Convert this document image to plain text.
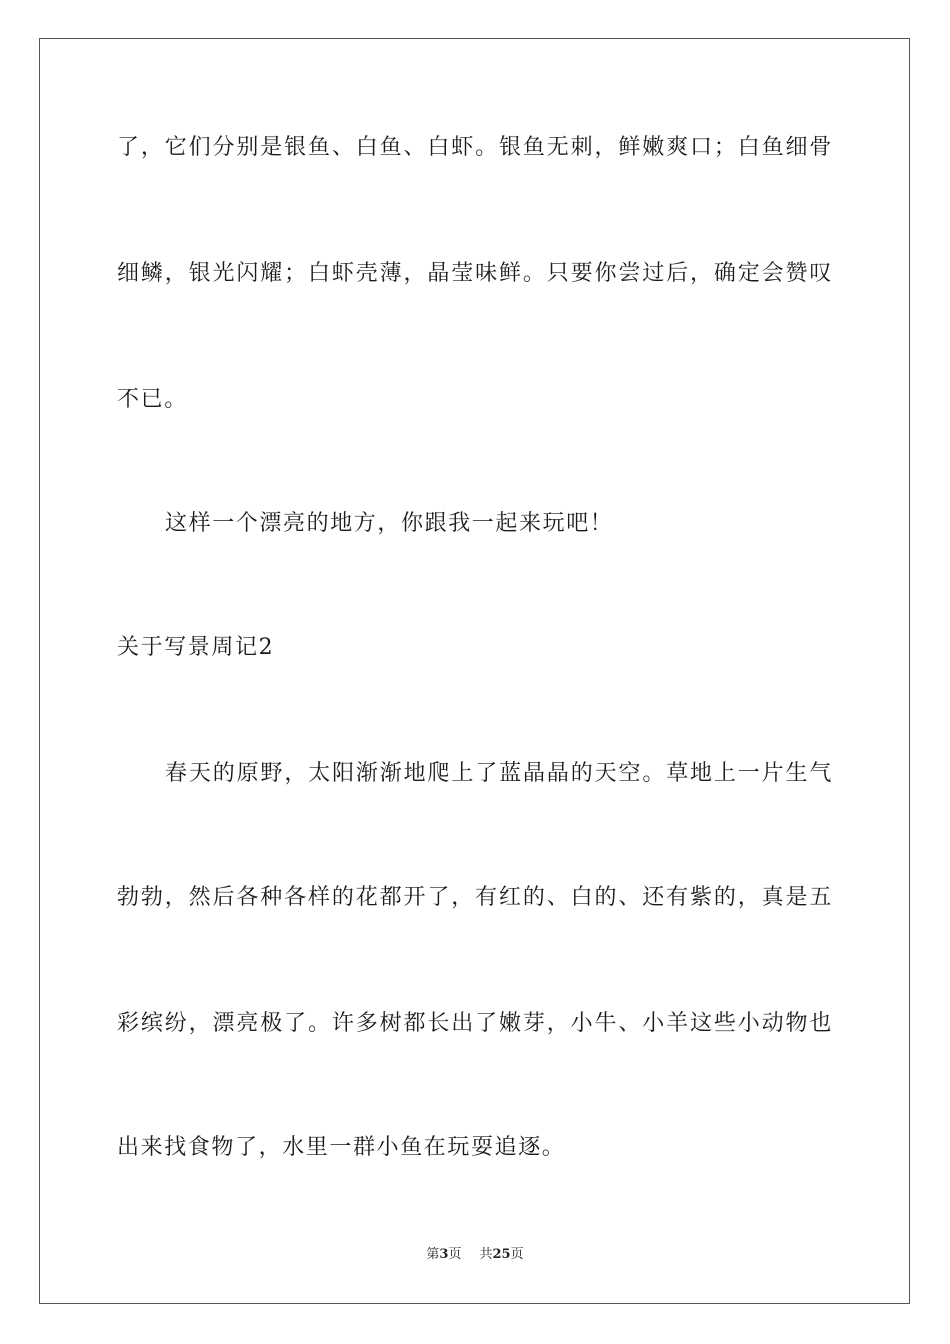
了，它们分别是银鱼、白鱼、白虾。银鱼无刺，鲜嫩爽口；白鱼细骨
细鳞，银光闪耀；白虾壳薄，晶莹味鲜。只要你尝过后，确定会赞叹
不已。
这样一个漂亮的地方，你跟我一起来玩吧！
关于写景周记2
春天的原野，太阳渐渐地爬上了蓝晶晶的天空。草地上一片生气
勃勃，然后各种各样的花都开了，有红的、白的、还有紫的，真是五
彩缤纷，漂亮极了。许多树都长出了嫩芽，小牛、小羊这些小动物也
出来找食物了，水里一群小鱼在玩耍追逐。
第3页 共25页
